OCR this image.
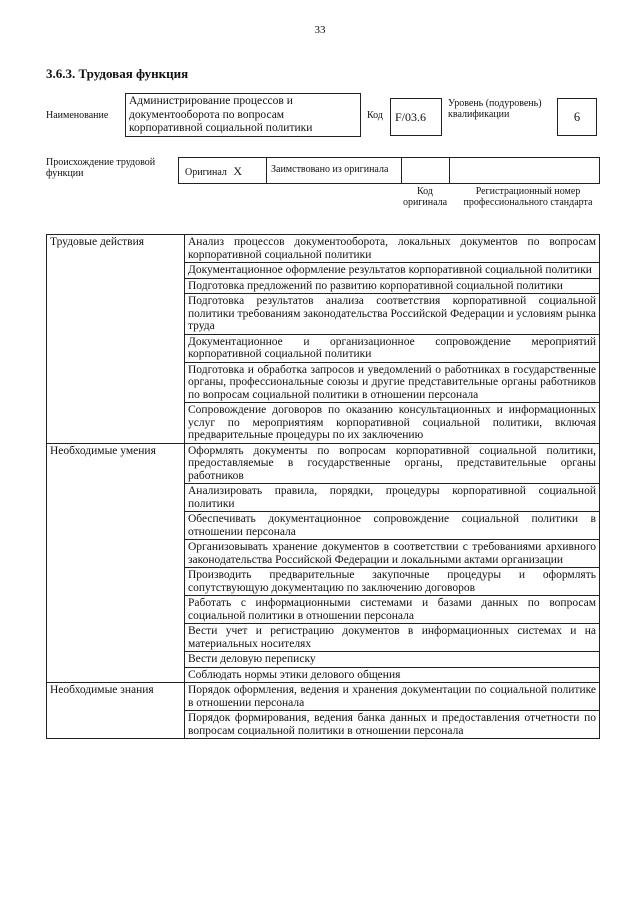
33
3.6.3. Трудовая функция
Наименование
Администрирование процессов и документооборота по вопросам корпоративной социальной политики
Код	F/03.6
Уровень (подуровень) квалификации	6
Происхождение трудовой функции	Оригинал X	Заимствовано из оригинала
Код оригинала
Регистрационный номер профессионального стандарта
Трудовые действия	Анализ процессов документооборота, локальных документов по вопросам корпоративной социальной политики
	Документационное оформление результатов корпоративной социальной политики
	Подготовка предложений по развитию корпоративной социальной политики
	Подготовка результатов анализа соответствия корпоративной социальной политики требованиям законодательства Российской Федерации и условиям рынка труда
	Документационное и организационное сопровождение мероприятий корпоративной социальной политики
	Подготовка и обработка запросов и уведомлений о работниках в государственные органы, профессиональные союзы и другие представительные органы работников по вопросам социальной политики в отношении персонала
	Сопровождение договоров по оказанию консультационных и информационных услуг по мероприятиям корпоративной социальной политики, включая предварительные процедуры по их заключению
Необходимые умения	Оформлять документы по вопросам корпоративной социальной политики, предоставляемые в государственные органы, представительные органы работников
	Анализировать правила, порядки, процедуры корпоративной социальной политики
	Обеспечивать документационное сопровождение социальной политики в отношении персонала
	Организовывать хранение документов в соответствии с требованиями архивного законодательства Российской Федерации и локальными актами организации
	Производить предварительные закупочные процедуры и оформлять сопутствующую документацию по заключению договоров
	Работать с информационными системами и базами данных по вопросам социальной политики в отношении персонала
	Вести учет и регистрацию документов в информационных системах и на материальных носителях
	Вести деловую переписку
	Соблюдать нормы этики делового общения
Необходимые знания	Порядок оформления, ведения и хранения документации по социальной политике в отношении персонала
	Порядок формирования, ведения банка данных и предоставления отчетности по вопросам социальной политики в отношении персонала
